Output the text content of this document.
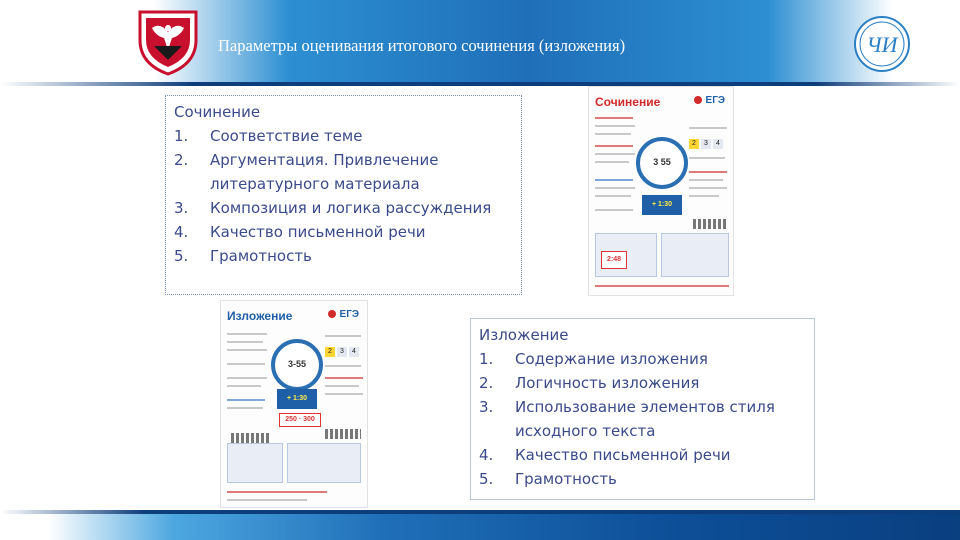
Параметры оценивания итогового сочинения (изложения)	ЧИ
Сочинение
1.	Соответствие теме
2.	Аргументация. Привлечение литературного материала
3.	Композиция и логика рассуждения
4.	Качество письменной речи
5.	Грамотность
Сочинение	ЕГЭ
3 55
+ 1:30
2	3	4
2:48
Изложение	ЕГЭ
3-55
+ 1:30
2	3	4
250 · 300
Изложение
1.	Содержание изложения
2.	Логичность изложения
3.	Использование элементов стиля исходного текста
4.	Качество письменной речи
5.	Грамотность
